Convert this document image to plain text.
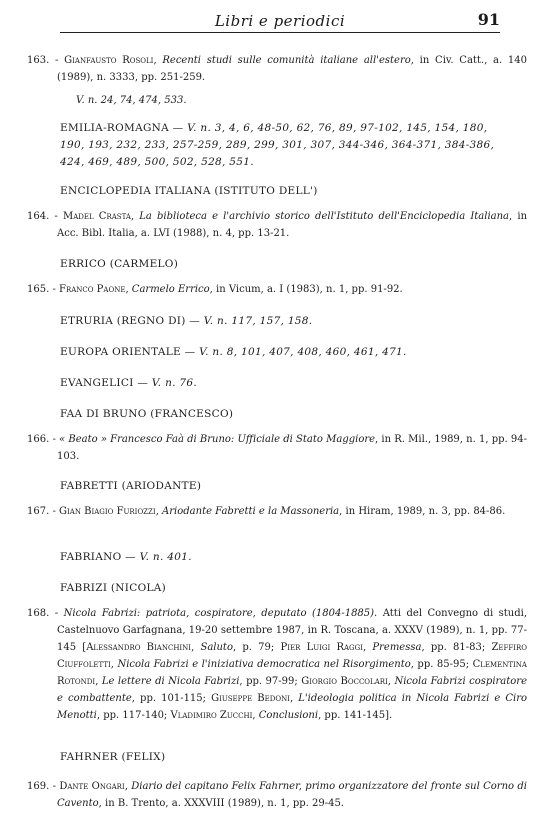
Libri e periodici	91
163. - Gianfausto Rosoli, Recenti studi sulle comunità italiane all'estero, in Civ. Catt., a. 140 (1989), n. 3333, pp. 251-259.
V. n. 24, 74, 474, 533.
EMILIA-ROMAGNA — V. n. 3, 4, 6, 48-50, 62, 76, 89, 97-102, 145, 154, 180, 190, 193, 232, 233, 257-259, 289, 299, 301, 307, 344-346, 364-371, 384-386, 424, 469, 489, 500, 502, 528, 551.
ENCICLOPEDIA ITALIANA (ISTITUTO DELL')
164. - Madel Crasta, La biblioteca e l'archivio storico dell'Istituto dell'Enciclopedia Italiana, in Acc. Bibl. Italia, a. LVI (1988), n. 4, pp. 13-21.
ERRICO (CARMELO)
165. - Franco Paone, Carmelo Errico, in Vicum, a. I (1983), n. 1, pp. 91-92.
ETRURIA (REGNO DI) — V. n. 117, 157, 158.
EUROPA ORIENTALE — V. n. 8, 101, 407, 408, 460, 461, 471.
EVANGELICI — V. n. 76.
FAA DI BRUNO (FRANCESCO)
166. - « Beato » Francesco Faà di Bruno: Ufficiale di Stato Maggiore, in R. Mil., 1989, n. 1, pp. 94-103.
FABRETTI (ARIODANTE)
167. - Gian Biagio Furiozzi, Ariodante Fabretti e la Massoneria, in Hiram, 1989, n. 3, pp. 84-86.
FABRIANO — V. n. 401.
FABRIZI (NICOLA)
168. - Nicola Fabrizi: patriota, cospiratore, deputato (1804-1885). Atti del Convegno di studi, Castelnuovo Garfagnana, 19-20 settembre 1987, in R. Toscana, a. XXXV (1989), n. 1, pp. 77-145 [Alessandro Bianchini, Saluto, p. 79; Pier Luigi Raggi, Premessa, pp. 81-83; Zeffiro Ciuffoletti, Nicola Fabrizi e l'iniziativa democratica nel Risorgimento, pp. 85-95; Clementina Rotondi, Le lettere di Nicola Fabrizi, pp. 97-99; Giorgio Boccolari, Nicola Fabrizi cospiratore e combattente, pp. 101-115; Giuseppe Bedoni, L'ideologia politica in Nicola Fabrizi e Ciro Menotti, pp. 117-140; Vladimiro Zucchi, Conclusioni, pp. 141-145].
FAHRNER (FELIX)
169. - Dante Ongari, Diario del capitano Felix Fahrner, primo organizzatore del fronte sul Corno di Cavento, in B. Trento, a. XXXVIII (1989), n. 1, pp. 29-45.
